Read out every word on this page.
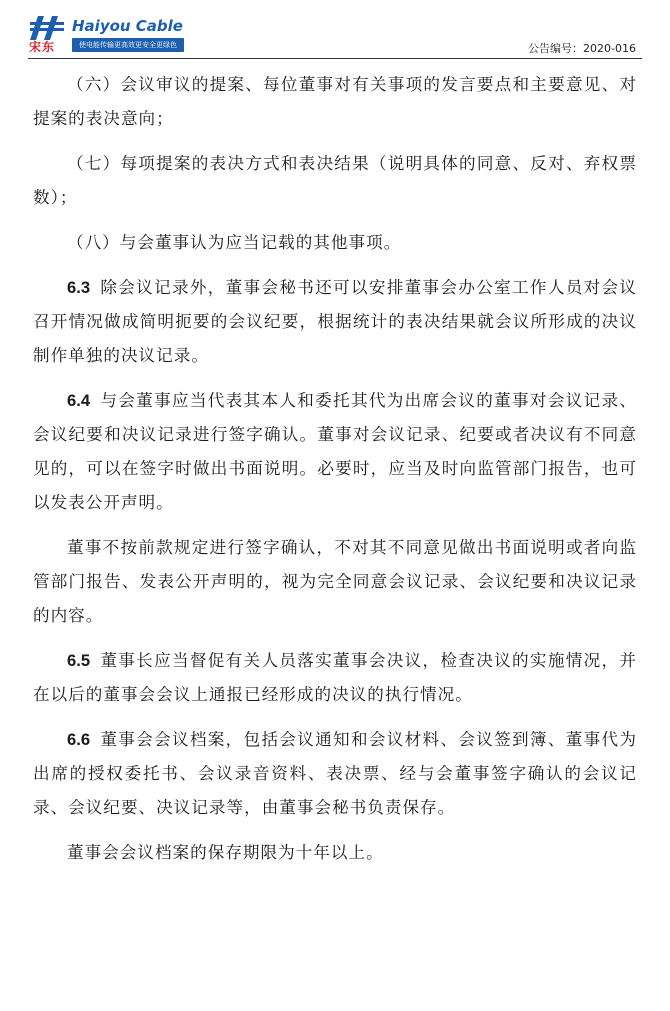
宋东
Haiyou Cable
使电能传输更高效更安全更绿色	公告编号：2020-016

（六）会议审议的提案、每位董事对有关事项的发言要点和主要意见、对提案的表决意向；

（七）每项提案的表决方式和表决结果（说明具体的同意、反对、弃权票数）；

（八）与会董事认为应当记载的其他事项。

6.3 除会议记录外，董事会秘书还可以安排董事会办公室工作人员对会议召开情况做成简明扼要的会议纪要，根据统计的表决结果就会议所形成的决议制作单独的决议记录。

6.4 与会董事应当代表其本人和委托其代为出席会议的董事对会议记录、会议纪要和决议记录进行签字确认。董事对会议记录、纪要或者决议有不同意见的，可以在签字时做出书面说明。必要时，应当及时向监管部门报告，也可以发表公开声明。

董事不按前款规定进行签字确认，不对其不同意见做出书面说明或者向监管部门报告、发表公开声明的，视为完全同意会议记录、会议纪要和决议记录的内容。

6.5 董事长应当督促有关人员落实董事会决议，检查决议的实施情况，并在以后的董事会会议上通报已经形成的决议的执行情况。

6.6 董事会会议档案，包括会议通知和会议材料、会议签到簿、董事代为出席的授权委托书、会议录音资料、表决票、经与会董事签字确认的会议记录、会议纪要、决议记录等，由董事会秘书负责保存。

董事会会议档案的保存期限为十年以上。
